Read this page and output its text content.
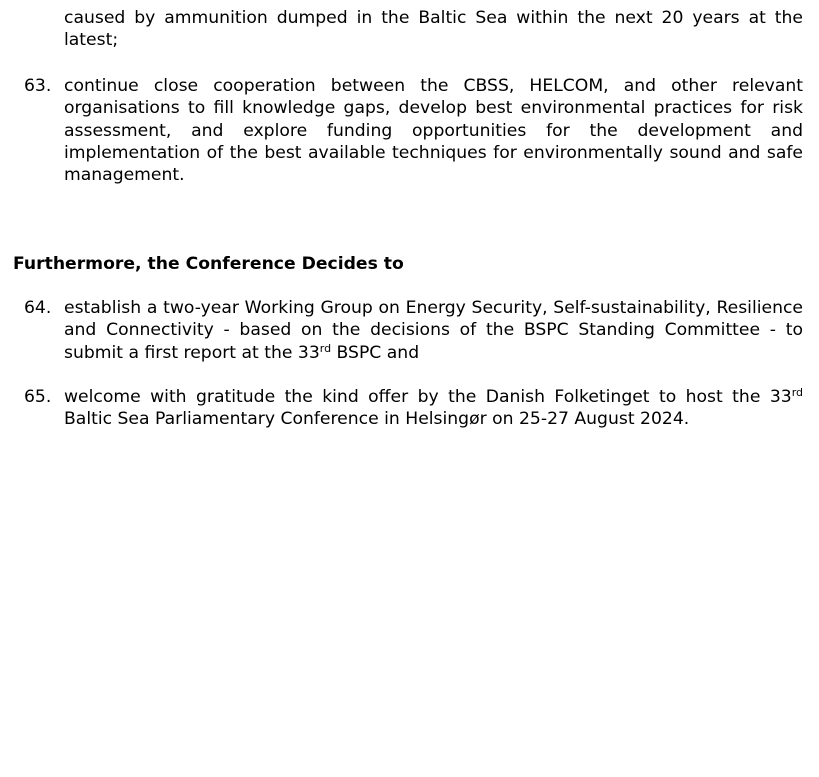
caused by ammunition dumped in the Baltic Sea within the next 20 years at the latest;

63. continue close cooperation between the CBSS, HELCOM, and other relevant organisations to fill knowledge gaps, develop best environmental practices for risk assessment, and explore funding opportunities for the development and implementation of the best available techniques for environmentally sound and safe management.

Furthermore, the Conference Decides to
64. establish a two-year Working Group on Energy Security, Self-sustainability, Resilience and Connectivity - based on the decisions of the BSPC Standing Committee - to submit a first report at the 33rd BSPC and

65. welcome with gratitude the kind offer by the Danish Folketinget to host the 33rd Baltic Sea Parliamentary Conference in Helsingør on 25-27 August 2024.
